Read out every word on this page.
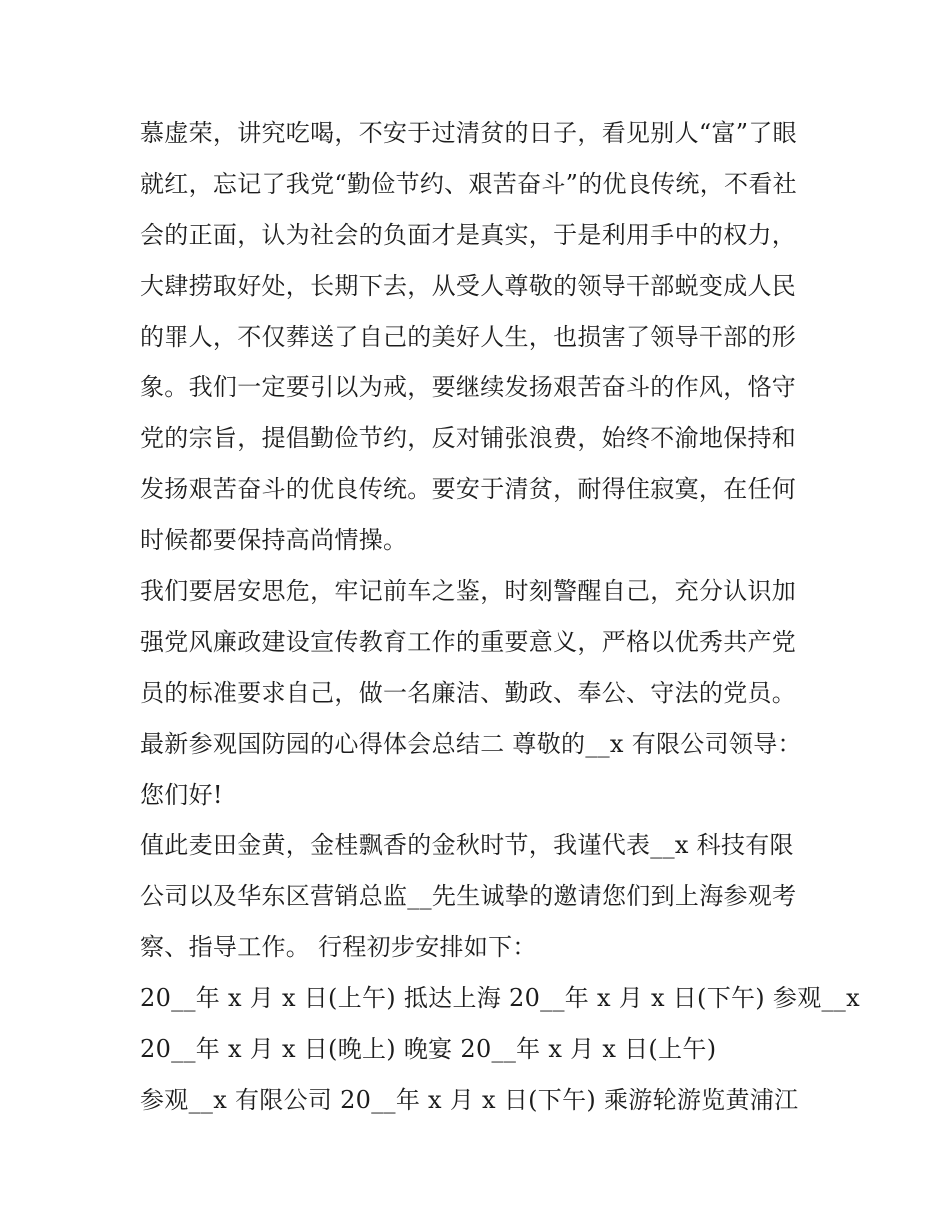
慕虚荣，讲究吃喝，不安于过清贫的日子，看见别人“富”了眼
就红，忘记了我党“勤俭节约、艰苦奋斗”的优良传统，不看社
会的正面，认为社会的负面才是真实，于是利用手中的权力，
大肆捞取好处，长期下去，从受人尊敬的领导干部蜕变成人民
的罪人，不仅葬送了自己的美好人生，也损害了领导干部的形
象。我们一定要引以为戒，要继续发扬艰苦奋斗的作风，恪守
党的宗旨，提倡勤俭节约，反对铺张浪费，始终不渝地保持和
发扬艰苦奋斗的优良传统。要安于清贫，耐得住寂寞，在任何
时候都要保持高尚情操。
我们要居安思危，牢记前车之鉴，时刻警醒自己，充分认识加
强党风廉政建设宣传教育工作的重要意义，严格以优秀共产党
员的标准要求自己，做一名廉洁、勤政、奉公、守法的党员。
最新参观国防园的心得体会总结二 尊敬的__x 有限公司领导：
您们好!
值此麦田金黄，金桂飘香的金秋时节，我谨代表__x 科技有限
公司以及华东区营销总监__先生诚挚的邀请您们到上海参观考
察、指导工作。 行程初步安排如下：
20__年 x 月 x 日(上午) 抵达上海 20__年 x 月 x 日(下午) 参观__x
20__年 x 月 x 日(晚上) 晚宴 20__年 x 月 x 日(上午)
参观__x 有限公司 20__年 x 月 x 日(下午) 乘游轮游览黄浦江
